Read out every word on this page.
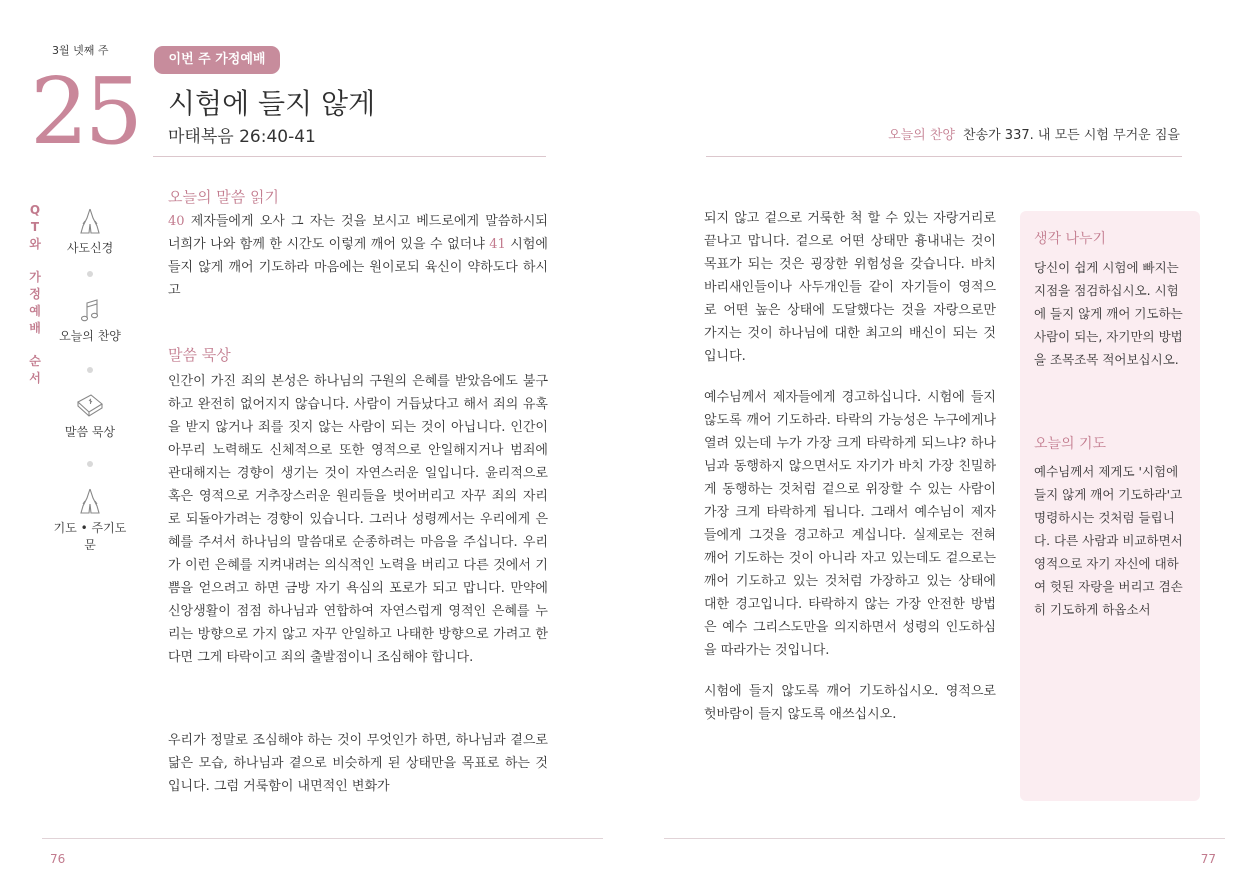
3월 넷째 주
25	이번 주 가정예배
시험에 들지 않게
마태복음 26:40-41	오늘의 찬양 찬송가 337. 내 모든 시험 무거운 짐을
Q
T
와
가
정
예
배
순
서
사도신경
오늘의 찬양
말씀 묵상
기도 • 주기도문
오늘의 말씀 읽기
40 제자들에게 오사 그 자는 것을 보시고 베드로에게 말씀하시되 너희가 나와 함께 한 시간도 이렇게 깨어 있을 수 없더냐 41 시험에 들지 않게 깨어 기도하라 마음에는 원이로되 육신이 약하도다 하시고
말씀 묵상
인간이 가진 죄의 본성은 하나님의 구원의 은혜를 받았음에도 불구하고 완전히 없어지지 않습니다. 사람이 거듭났다고 해서 죄의 유혹을 받지 않거나 죄를 짓지 않는 사람이 되는 것이 아닙니다. 인간이 아무리 노력해도 신체적으로 또한 영적으로 안일해지거나 범죄에 관대해지는 경향이 생기는 것이 자연스러운 일입니다. 윤리적으로 혹은 영적으로 거추장스러운 원리들을 벗어버리고 자꾸 죄의 자리로 되돌아가려는 경향이 있습니다. 그러나 성령께서는 우리에게 은혜를 주셔서 하나님의 말씀대로 순종하려는 마음을 주십니다. 우리가 이런 은혜를 지켜내려는 의식적인 노력을 버리고 다른 것에서 기쁨을 얻으려고 하면 금방 자기 욕심의 포로가 되고 맙니다. 만약에 신앙생활이 점점 하나님과 연합하여 자연스럽게 영적인 은혜를 누리는 방향으로 가지 않고 자꾸 안일하고 나태한 방향으로 가려고 한다면 그게 타락이고 죄의 출발점이니 조심해야 합니다.
우리가 정말로 조심해야 하는 것이 무엇인가 하면, 하나님과 곁으로 닮은 모습, 하나님과 곁으로 비슷하게 된 상태만을 목표로 하는 것입니다. 그럼 거룩함이 내면적인 변화가
되지 않고 겉으로 거룩한 척 할 수 있는 자랑거리로 끝나고 맙니다. 겉으로 어떤 상태만 흉내내는 것이 목표가 되는 것은 굉장한 위험성을 갖습니다. 바치 바리새인들이나 사두개인들 같이 자기들이 영적으로 어떤 높은 상태에 도달했다는 것을 자랑으로만 가지는 것이 하나님에 대한 최고의 배신이 되는 것입니다.
예수님께서 제자들에게 경고하십니다. 시험에 들지 않도록 깨어 기도하라. 타락의 가능성은 누구에게나 열려 있는데 누가 가장 크게 타락하게 되느냐? 하나님과 동행하지 않으면서도 자기가 바치 가장 친밀하게 동행하는 것처럼 겉으로 위장할 수 있는 사람이 가장 크게 타락하게 됩니다. 그래서 예수님이 제자들에게 그것을 경고하고 계십니다. 실제로는 전혀 깨어 기도하는 것이 아니라 자고 있는데도 겉으로는 깨어 기도하고 있는 것처럼 가장하고 있는 상태에 대한 경고입니다. 타락하지 않는 가장 안전한 방법은 예수 그리스도만을 의지하면서 성령의 인도하심을 따라가는 것입니다.
시험에 들지 않도록 깨어 기도하십시오. 영적으로 헛바람이 들지 않도록 애쓰십시오.
생각 나누기
당신이 쉽게 시험에 빠지는 지점을 점검하십시오. 시험에 들지 않게 깨어 기도하는 사람이 되는, 자기만의 방법을 조목조목 적어보십시오.
오늘의 기도
예수님께서 제게도 '시험에 들지 않게 깨어 기도하라'고 명령하시는 것처럼 들립니다. 다른 사람과 비교하면서 영적으로 자기 자신에 대하여 헛된 자랑을 버리고 겸손히 기도하게 하옵소서
76	77
